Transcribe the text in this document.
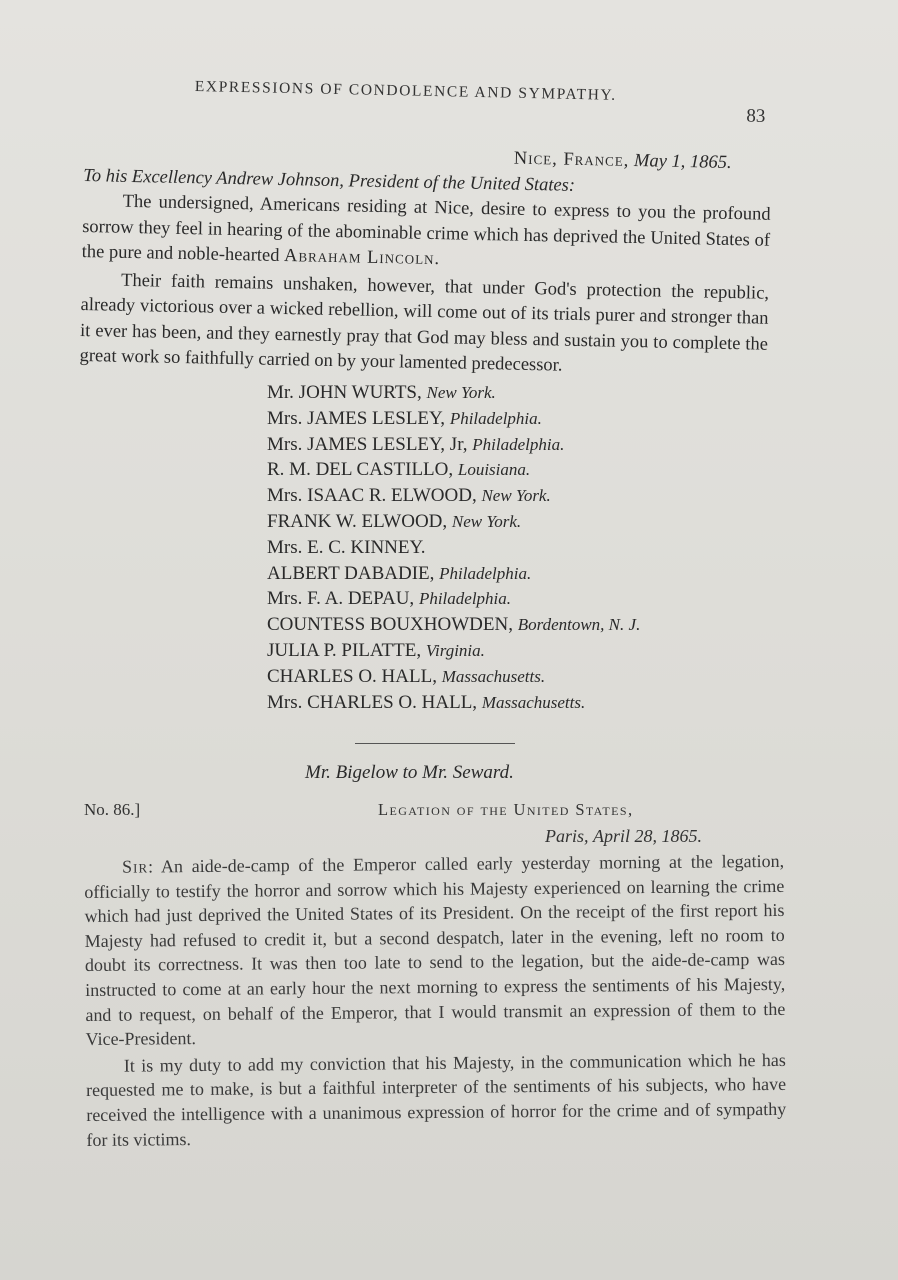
EXPRESSIONS OF CONDOLENCE AND SYMPATHY.
83
Nice, France, May 1, 1865.
To his Excellency Andrew Johnson, President of the United States:

The undersigned, Americans residing at Nice, desire to express to you the profound sorrow they feel in hearing of the abominable crime which has deprived the United States of the pure and noble-hearted Abraham Lincoln.

Their faith remains unshaken, however, that under God's protection the republic, already victorious over a wicked rebellion, will come out of its trials purer and stronger than it ever has been, and they earnestly pray that God may bless and sustain you to complete the great work so faithfully carried on by your lamented predecessor.

Mr. JOHN WURTS, New York.
Mrs. JAMES LESLEY, Philadelphia.
Mrs. JAMES LESLEY, Jr, Philadelphia.
R. M. DEL CASTILLO, Louisiana.
Mrs. ISAAC R. ELWOOD, New York.
FRANK W. ELWOOD, New York.
Mrs. E. C. KINNEY.
ALBERT DABADIE, Philadelphia.
Mrs. F. A. DEPAU, Philadelphia.
COUNTESS BOUXHOWDEN, Bordentown, N. J.
JULIA P. PILATTE, Virginia.
CHARLES O. HALL, Massachusetts.
Mrs. CHARLES O. HALL, Massachusetts.
Mr. Bigelow to Mr. Seward.
No. 86.]	Legation of the United States,
Paris, April 28, 1865.

Sir: An aide-de-camp of the Emperor called early yesterday morning at the legation, officially to testify the horror and sorrow which his Majesty experienced on learning the crime which had just deprived the United States of its President. On the receipt of the first report his Majesty had refused to credit it, but a second despatch, later in the evening, left no room to doubt its correctness. It was then too late to send to the legation, but the aide-de-camp was instructed to come at an early hour the next morning to express the sentiments of his Majesty, and to request, on behalf of the Emperor, that I would transmit an expression of them to the Vice-President.

It is my duty to add my conviction that his Majesty, in the communication which he has requested me to make, is but a faithful interpreter of the sentiments of his subjects, who have received the intelligence with a unanimous expression of horror for the crime and of sympathy for its victims.
